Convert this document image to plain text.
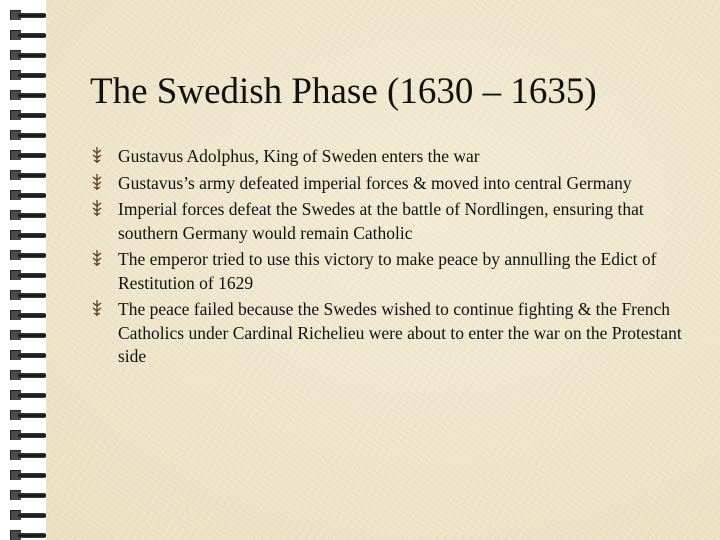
The Swedish Phase (1630 – 1635)
Gustavus Adolphus, King of Sweden enters the war
Gustavus’s army defeated imperial forces & moved into central Germany
Imperial forces defeat the Swedes at the battle of Nordlingen, ensuring that southern Germany would remain Catholic
The emperor tried to use this victory to make peace by annulling the Edict of Restitution of 1629
The peace failed because the Swedes wished to continue fighting & the French Catholics under Cardinal Richelieu were about to enter the war on the Protestant side
